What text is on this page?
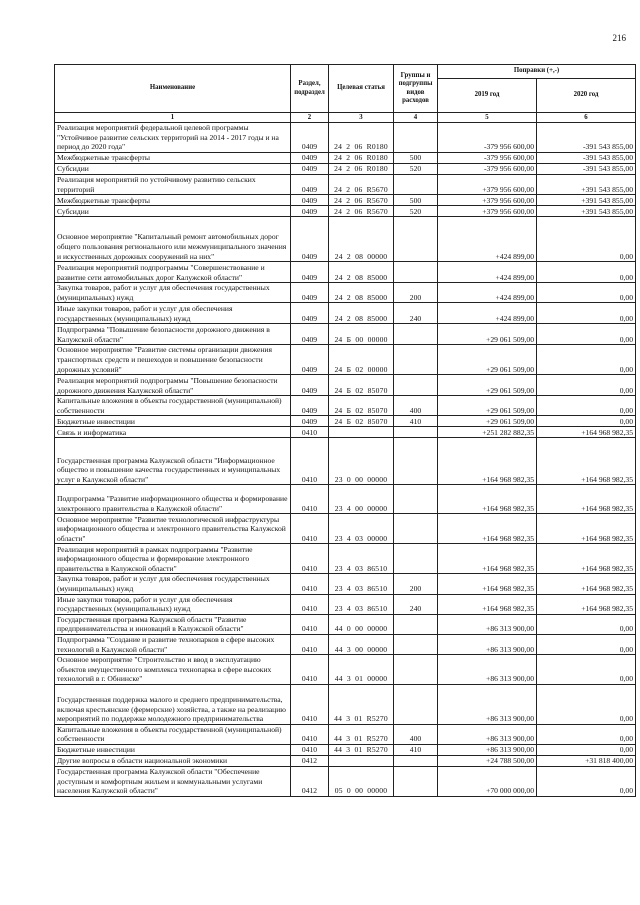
216
Наименование	Раздел, подраздел	Целевая статья	Группы и подгруппы видов расходов	Поправки (+,-)	
				2019 год	2020 год
1	2	3	4	5	6
Реализация мероприятий федеральной целевой программы "Устойчивое развитие сельских территорий на 2014 - 2017 годы и на период до 2020 года"	0409	24  2  06  R0180		-379 956 600,00	-391 543 855,00
Межбюджетные трансферты	0409	24  2  06  R0180	500	-379 956 600,00	-391 543 855,00
Субсидии	0409	24  2  06  R0180	520	-379 956 600,00	-391 543 855,00
Реализация мероприятий по устойчивому развитию сельских территорий	0409	24  2  06  R5670		+379 956 600,00	+391 543 855,00
Межбюджетные трансферты	0409	24  2  06  R5670	500	+379 956 600,00	+391 543 855,00
Субсидии	0409	24  2  06  R5670	520	+379 956 600,00	+391 543 855,00
Основное мероприятие "Капитальный ремонт автомобильных дорог общего пользования регионального или межмуниципального значения и искусственных дорожных сооружений на них"	0409	24  2  08  00000		+424 899,00	0,00
Реализация мероприятий подпрограммы "Совершенствование и развитие сети автомобильных дорог Калужской области"	0409	24  2  08  85000		+424 899,00	0,00
Закупка товаров, работ и услуг для обеспечения государственных (муниципальных) нужд	0409	24  2  08  85000	200	+424 899,00	0,00
Иные закупки товаров, работ и услуг для обеспечения государственных (муниципальных) нужд	0409	24  2  08  85000	240	+424 899,00	0,00
Подпрограмма "Повышение безопасности дорожного движения в Калужской области"	0409	24  Б  00  00000		+29 061 509,00	0,00
Основное мероприятие "Развитие системы организации движения транспортных средств и пешеходов и повышение безопасности дорожных условий"	0409	24  Б  02  00000		+29 061 509,00	0,00
Реализация мероприятий подпрограммы "Повышение безопасности дорожного движения Калужской области"	0409	24  Б  02  85070		+29 061 509,00	0,00
Капитальные вложения в объекты государственной (муниципальной) собственности	0409	24  Б  02  85070	400	+29 061 509,00	0,00
Бюджетные инвестиции	0409	24  Б  02  85070	410	+29 061 509,00	0,00
Связь и информатика	0410			+251 282 882,35	+164 968 982,35
Государственная программа Калужской области "Информационное общество и повышение качества государственных и муниципальных услуг в Калужской области"	0410	23  0  00  00000		+164 968 982,35	+164 968 982,35
Подпрограмма "Развитие информационного общества и формирование электронного правительства в Калужской области"	0410	23  4  00  00000		+164 968 982,35	+164 968 982,35
Основное мероприятие "Развитие технологической инфраструктуры информационного общества и электронного правительства Калужской области"	0410	23  4  03  00000		+164 968 982,35	+164 968 982,35
Реализация мероприятий в рамках подпрограммы "Развитие информационного общества и формирование электронного правительства в Калужской области"	0410	23  4  03  86510		+164 968 982,35	+164 968 982,35
Закупка товаров, работ и услуг для обеспечения государственных (муниципальных) нужд	0410	23  4  03  86510	200	+164 968 982,35	+164 968 982,35
Иные закупки товаров, работ и услуг для обеспечения государственных (муниципальных) нужд	0410	23  4  03  86510	240	+164 968 982,35	+164 968 982,35
Государственная программа Калужской области "Развитие предпринимательства и инноваций в Калужской области"	0410	44  0  00  00000		+86 313 900,00	0,00
Подпрограмма "Создание и развитие технопарков в сфере высоких технологий в Калужской области"	0410	44  3  00  00000		+86 313 900,00	0,00
Основное мероприятие "Строительство и ввод в эксплуатацию объектов имущественного комплекса технопарка в сфере высоких технологий в г. Обнинске"	0410	44  3  01  00000		+86 313 900,00	0,00
Государственная поддержка малого и среднего предпринимательства, включая крестьянские (фермерские) хозяйства, а также на реализацию мероприятий по поддержке молодежного предпринимательства	0410	44  3  01  R5270		+86 313 900,00	0,00
Капитальные вложения в объекты государственной (муниципальной) собственности	0410	44  3  01  R5270	400	+86 313 900,00	0,00
Бюджетные инвестиции	0410	44  3  01  R5270	410	+86 313 900,00	0,00
Другие вопросы в области национальной экономики	0412			+24 788 500,00	+31 818 400,00
Государственная программа Калужской области "Обеспечение доступным и комфортным жильем и коммунальными услугами населения Калужской области"	0412	05  0  00  00000		+70 000 000,00	0,00
